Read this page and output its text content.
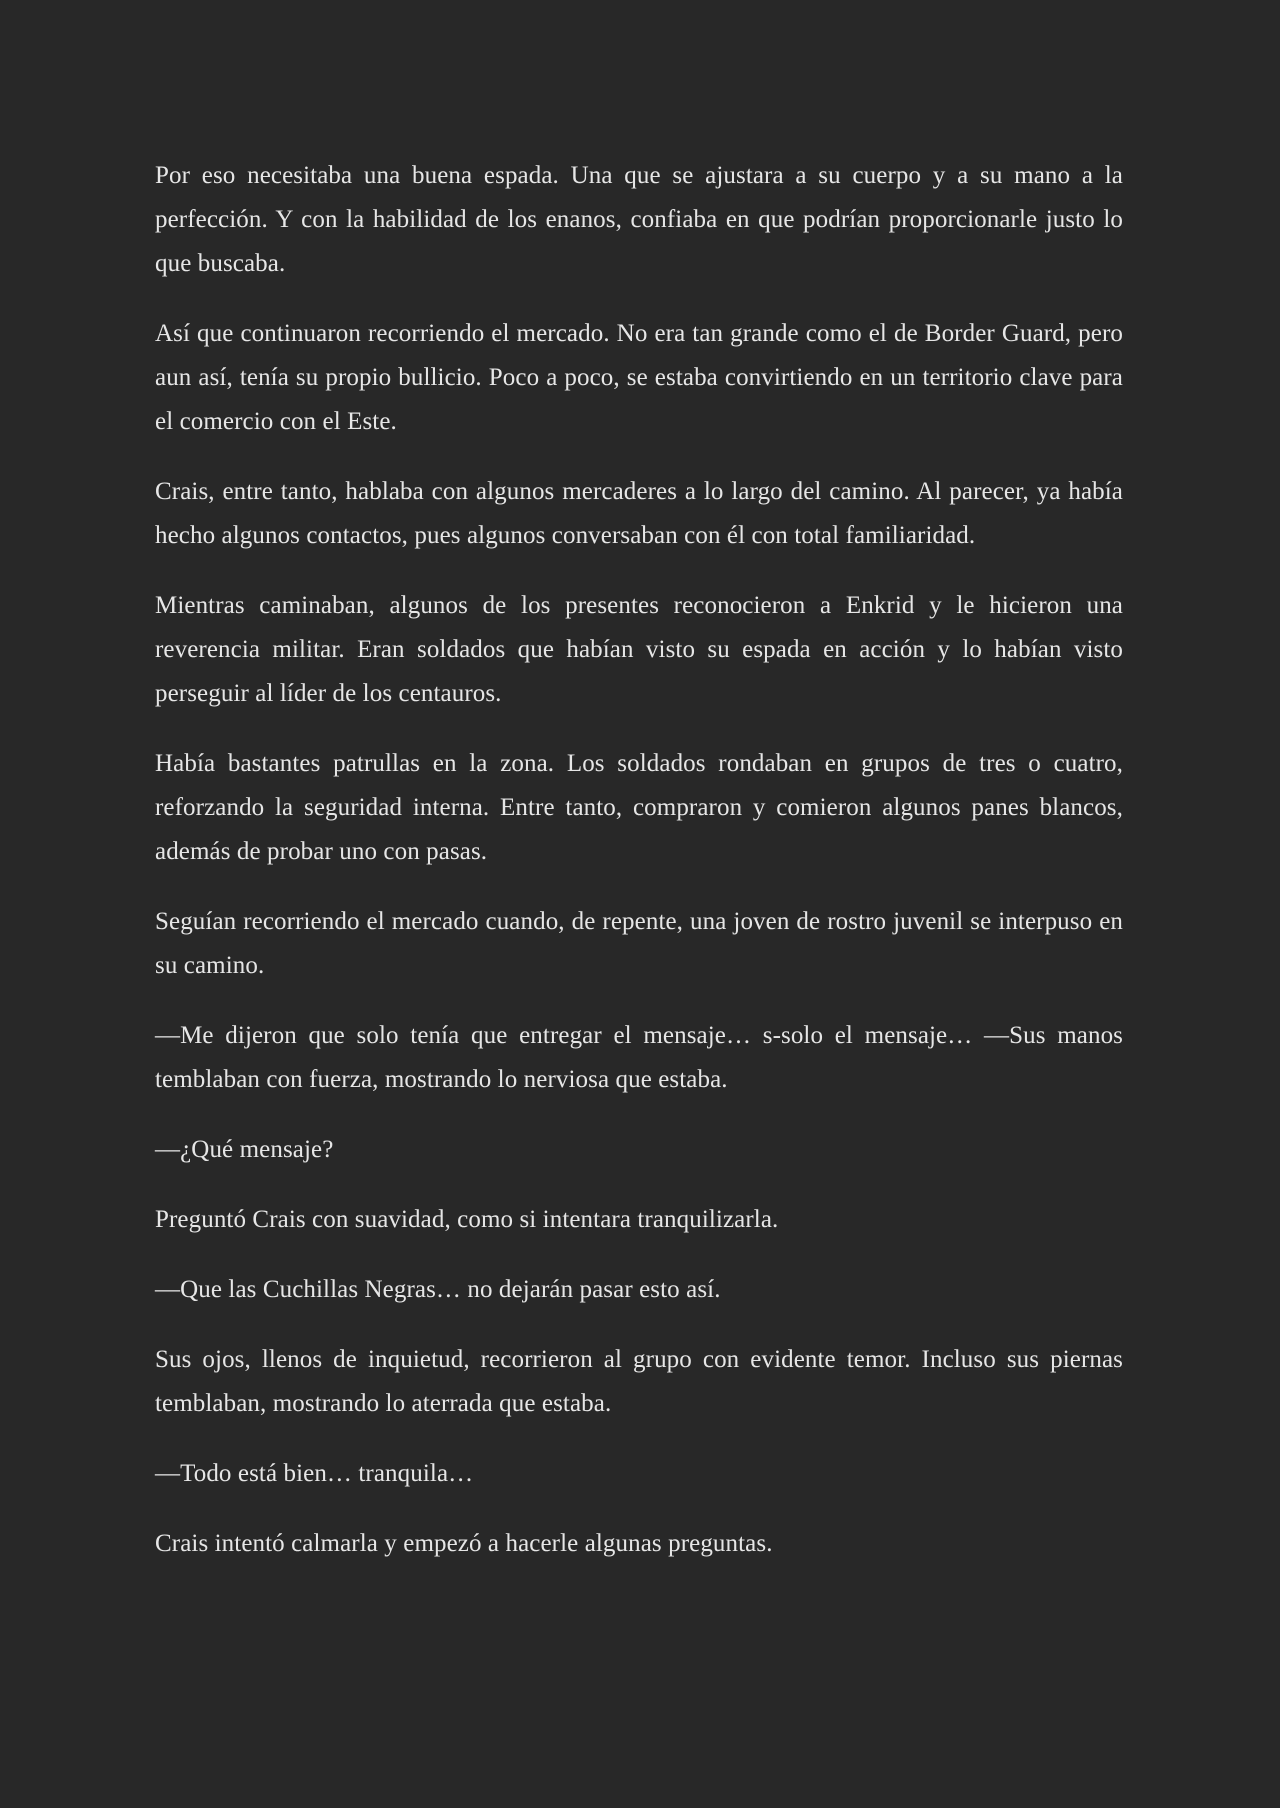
Por eso necesitaba una buena espada. Una que se ajustara a su cuerpo y a su mano a la perfección. Y con la habilidad de los enanos, confiaba en que podrían proporcionarle justo lo que buscaba.

Así que continuaron recorriendo el mercado. No era tan grande como el de Border Guard, pero aun así, tenía su propio bullicio. Poco a poco, se estaba convirtiendo en un territorio clave para el comercio con el Este.

Crais, entre tanto, hablaba con algunos mercaderes a lo largo del camino. Al parecer, ya había hecho algunos contactos, pues algunos conversaban con él con total familiaridad.

Mientras caminaban, algunos de los presentes reconocieron a Enkrid y le hicieron una reverencia militar. Eran soldados que habían visto su espada en acción y lo habían visto perseguir al líder de los centauros.

Había bastantes patrullas en la zona. Los soldados rondaban en grupos de tres o cuatro, reforzando la seguridad interna. Entre tanto, compraron y comieron algunos panes blancos, además de probar uno con pasas.

Seguían recorriendo el mercado cuando, de repente, una joven de rostro juvenil se interpuso en su camino.

—Me dijeron que solo tenía que entregar el mensaje… s-solo el mensaje… —Sus manos temblaban con fuerza, mostrando lo nerviosa que estaba.

—¿Qué mensaje?

Preguntó Crais con suavidad, como si intentara tranquilizarla.

—Que las Cuchillas Negras… no dejarán pasar esto así.

Sus ojos, llenos de inquietud, recorrieron al grupo con evidente temor. Incluso sus piernas temblaban, mostrando lo aterrada que estaba.

—Todo está bien… tranquila…

Crais intentó calmarla y empezó a hacerle algunas preguntas.
